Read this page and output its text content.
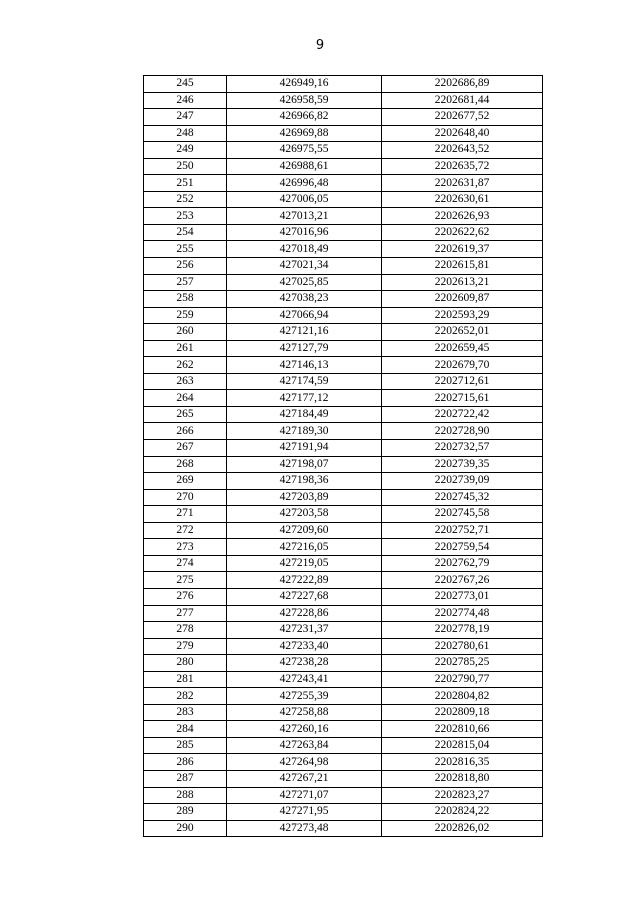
9
245	426949,16	2202686,89
246	426958,59	2202681,44
247	426966,82	2202677,52
248	426969,88	2202648,40
249	426975,55	2202643,52
250	426988,61	2202635,72
251	426996,48	2202631,87
252	427006,05	2202630,61
253	427013,21	2202626,93
254	427016,96	2202622,62
255	427018,49	2202619,37
256	427021,34	2202615,81
257	427025,85	2202613,21
258	427038,23	2202609,87
259	427066,94	2202593,29
260	427121,16	2202652,01
261	427127,79	2202659,45
262	427146,13	2202679,70
263	427174,59	2202712,61
264	427177,12	2202715,61
265	427184,49	2202722,42
266	427189,30	2202728,90
267	427191,94	2202732,57
268	427198,07	2202739,35
269	427198,36	2202739,09
270	427203,89	2202745,32
271	427203,58	2202745,58
272	427209,60	2202752,71
273	427216,05	2202759,54
274	427219,05	2202762,79
275	427222,89	2202767,26
276	427227,68	2202773,01
277	427228,86	2202774,48
278	427231,37	2202778,19
279	427233,40	2202780,61
280	427238,28	2202785,25
281	427243,41	2202790,77
282	427255,39	2202804,82
283	427258,88	2202809,18
284	427260,16	2202810,66
285	427263,84	2202815,04
286	427264,98	2202816,35
287	427267,21	2202818,80
288	427271,07	2202823,27
289	427271,95	2202824,22
290	427273,48	2202826,02
